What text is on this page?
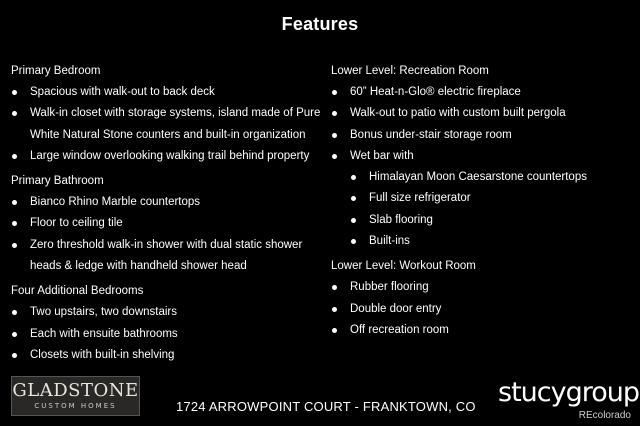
Features
Primary Bedroom
Spacious with walk-out to back deck
Walk-in closet with storage systems, island made of Pure
White Natural Stone counters and built-in organization
Large window overlooking walking trail behind property
Primary Bathroom
Bianco Rhino Marble countertops
Floor to ceiling tile
Zero threshold walk-in shower with dual static shower
heads & ledge with handheld shower head
Four Additional Bedrooms
Two upstairs, two downstairs
Each with ensuite bathrooms
Closets with built-in shelving
Lower Level: Recreation Room
60” Heat-n-Glo® electric fireplace
Walk-out to patio with custom built pergola
Bonus under-stair storage room
Wet bar with
Himalayan Moon Caesarstone countertops
Full size refrigerator
Slab flooring
Built-ins
Lower Level: Workout Room
Rubber flooring
Double door entry
Off recreation room
GLADSTONE
CUSTOM HOMES	1724 ARROWPOINT COURT - FRANKTOWN, CO stucygroup
REcolorado
